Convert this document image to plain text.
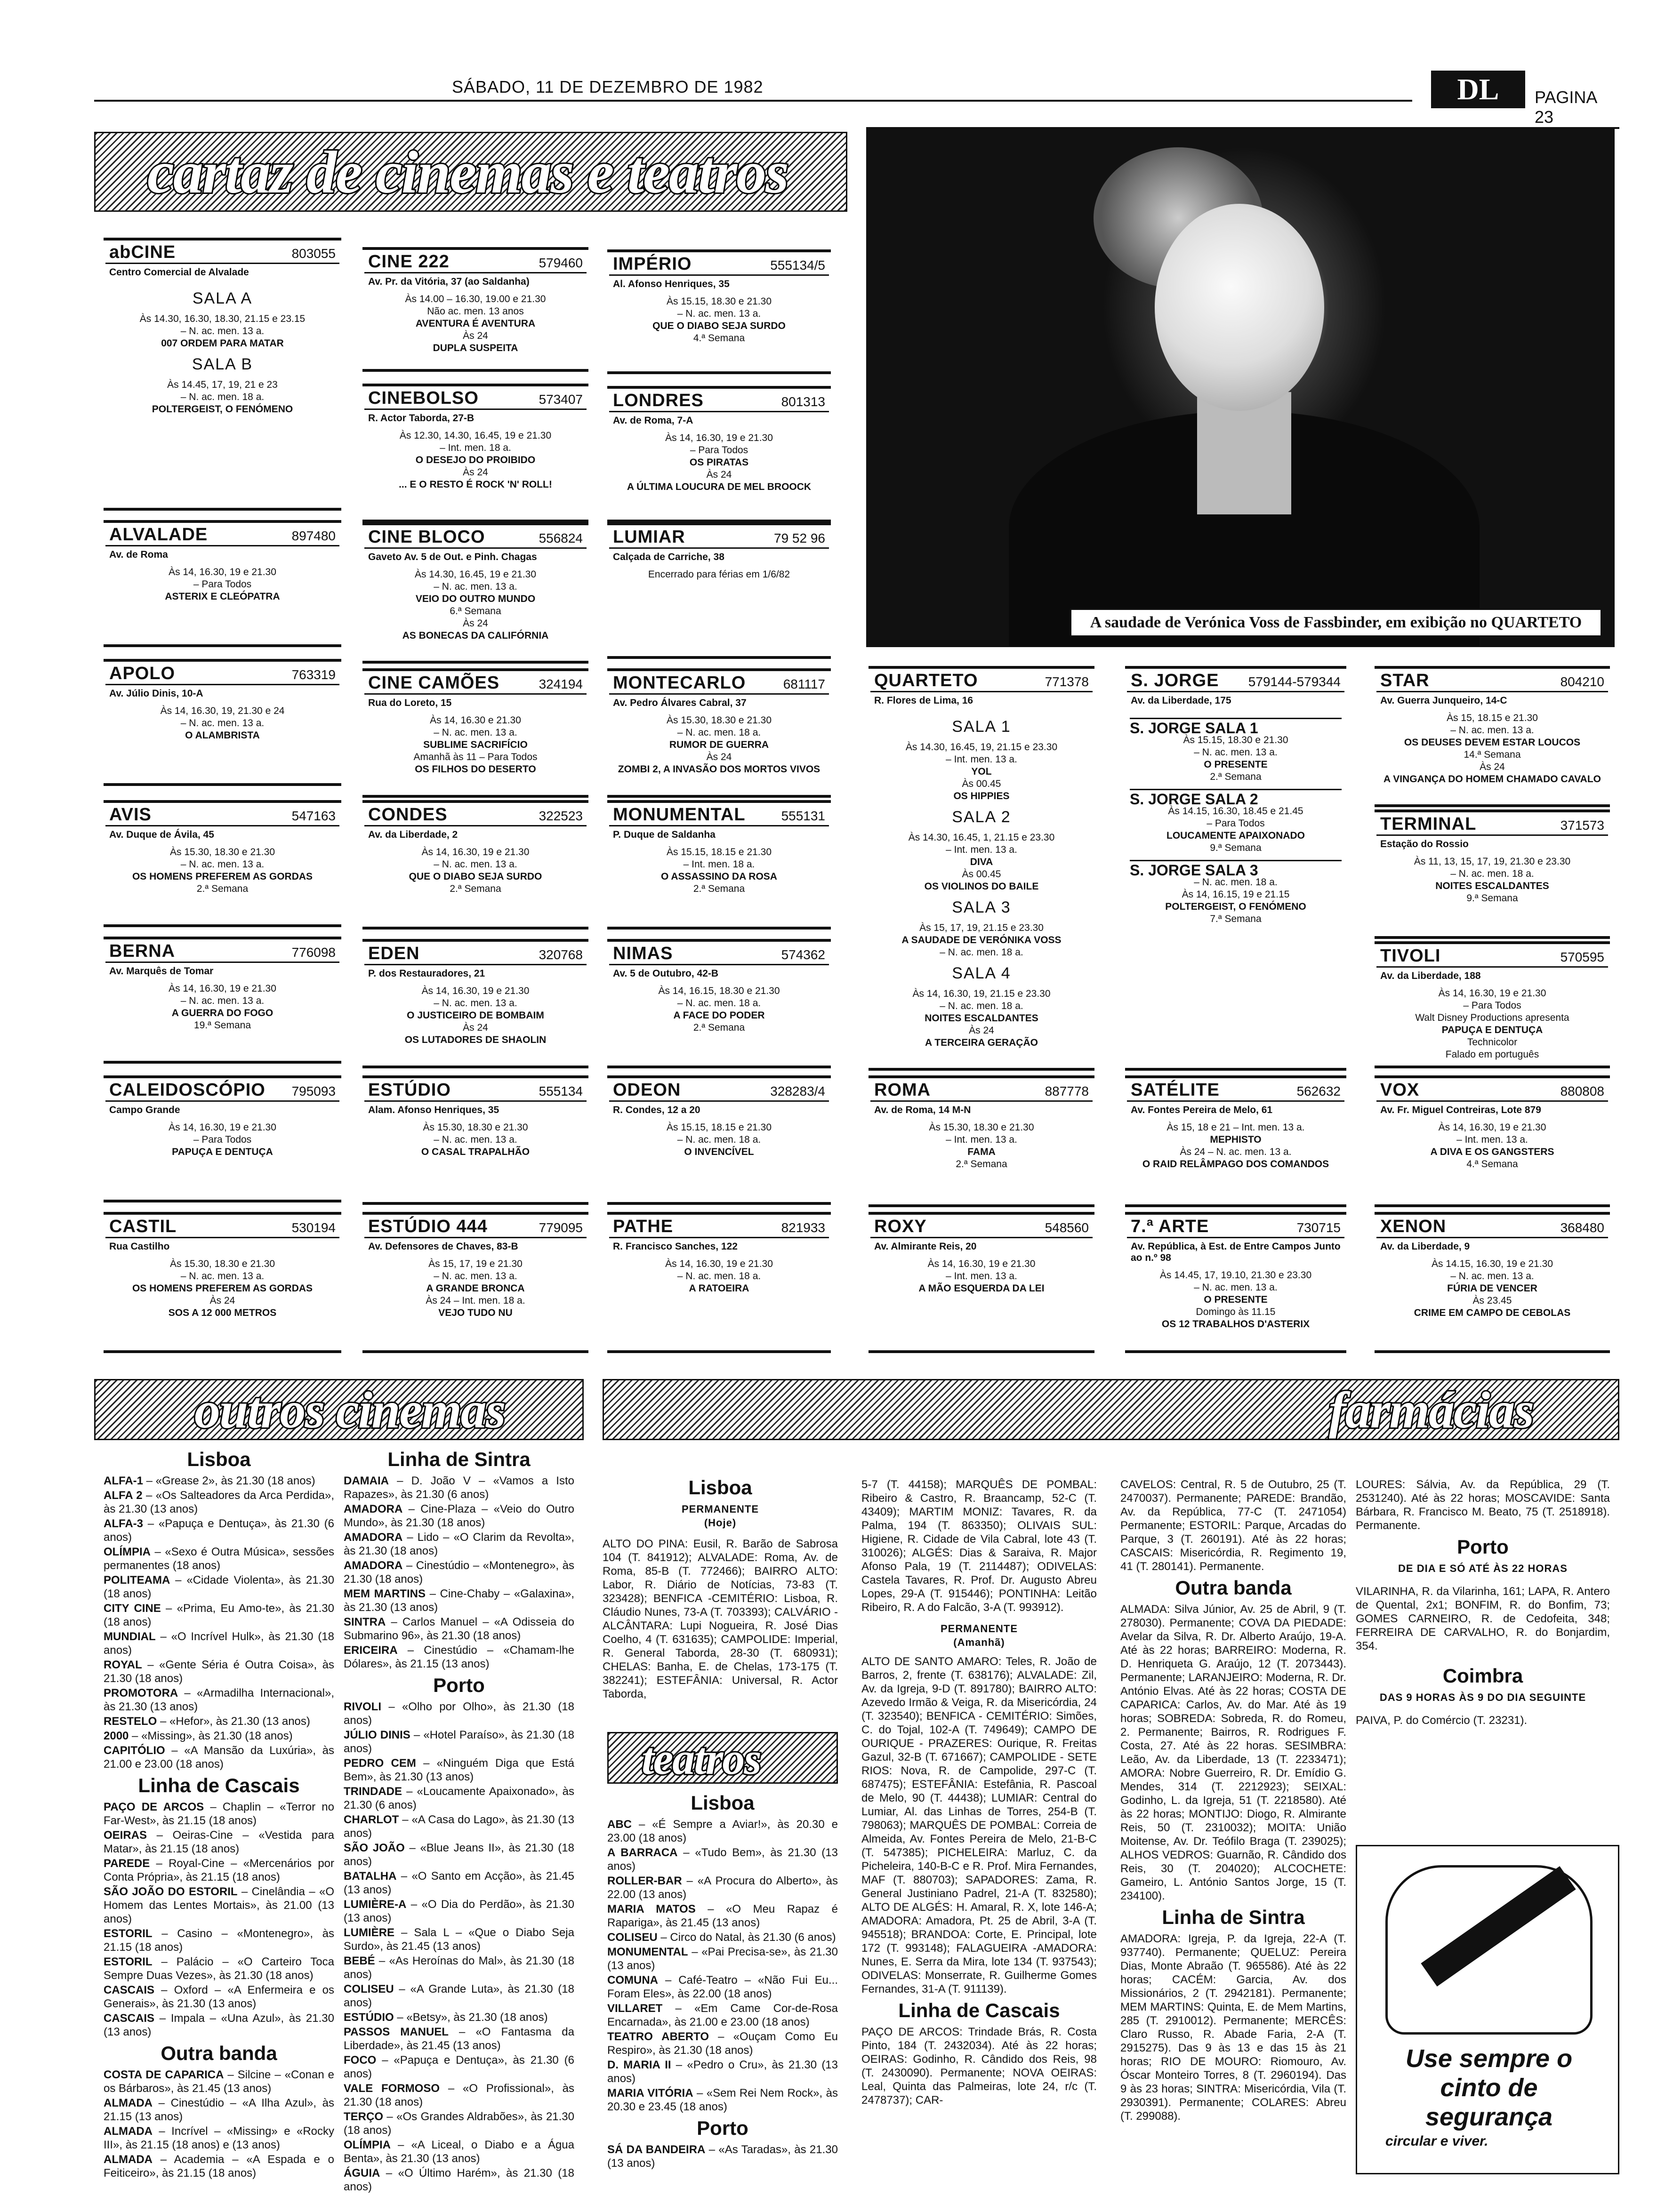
SÁBADO, 11 DE DEZEMBRO DE 1982	DL	PAGINA 23
cartaz de cinemas e teatros
A saudade de Verónica Voss de Fassbinder, em exibição no QUARTETO
abCINE	803055
Centro Comercial de Alvalade
SALA A
Às 14.30, 16.30, 18.30, 21.15 e 23.15
– N. ac. men. 13 a.
007 ORDEM PARA MATAR
SALA B
Às 14.45, 17, 19, 21 e 23
– N. ac. men. 18 a.
POLTERGEIST, O FENÓMENO
ALVALADE	897480
Av. de Roma
Às 14, 16.30, 19 e 21.30
– Para Todos
ASTERIX E CLEÓPATRA
APOLO	763319
Av. Júlio Dinis, 10-A
Às 14, 16.30, 19, 21.30 e 24
– N. ac. men. 13 a.
O ALAMBRISTA
AVIS	547163
Av. Duque de Ávila, 45
Às 15.30, 18.30 e 21.30
– N. ac. men. 13 a.
OS HOMENS PREFEREM AS GORDAS
2.ª Semana
BERNA	776098
Av. Marquês de Tomar
Às 14, 16.30, 19 e 21.30
– N. ac. men. 13 a.
A GUERRA DO FOGO
19.ª Semana
CALEIDOSCÓPIO 795093
Campo Grande
Às 14, 16.30, 19 e 21.30
– Para Todos
PAPUÇA E DENTUÇA
CASTIL	530194
Rua Castilho
Às 15.30, 18.30 e 21.30
– N. ac. men. 13 a.
OS HOMENS PREFEREM AS GORDAS
Às 24
SOS A 12 000 METROS
CINE 222	579460
Av. Pr. da Vitória, 37 (ao Saldanha)
Às 14.00 – 16.30, 19.00 e 21.30
Não ac. men. 13 anos
AVENTURA É AVENTURA
Às 24
DUPLA SUSPEITA
CINEBOLSO	573407
R. Actor Taborda, 27-B
Às 12.30, 14.30, 16.45, 19 e 21.30
– Int. men. 18 a.
O DESEJO DO PROIBIDO
Às 24
... E O RESTO É ROCK 'N' ROLL!
CINE BLOCO	556824
Gaveto Av. 5 de Out. e Pinh. Chagas
Às 14.30, 16.45, 19 e 21.30
– N. ac. men. 13 a.
VEIO DO OUTRO MUNDO
6.ª Semana
Às 24
AS BONECAS DA CALIFÓRNIA
CINE CAMÕES	324194
Rua do Loreto, 15
Às 14, 16.30 e 21.30
– N. ac. men. 13 a.
SUBLIME SACRIFÍCIO
Amanhã às 11 – Para Todos
OS FILHOS DO DESERTO
CONDES	322523
Av. da Liberdade, 2
Às 14, 16.30, 19 e 21.30
– N. ac. men. 13 a.
QUE O DIABO SEJA SURDO
2.ª Semana
EDEN	320768
P. dos Restauradores, 21
Às 14, 16.30, 19 e 21.30
– N. ac. men. 13 a.
O JUSTICEIRO DE BOMBAIM
Às 24
OS LUTADORES DE SHAOLIN
ESTÚDIO	555134
Alam. Afonso Henriques, 35
Às 15.30, 18.30 e 21.30
– N. ac. men. 13 a.
O CASAL TRAPALHÃO
ESTÚDIO 444	779095
Av. Defensores de Chaves, 83-B
Às 15, 17, 19 e 21.30
– N. ac. men. 13 a.
A GRANDE BRONCA
Às 24 – Int. men. 18 a.
VEJO TUDO NU
IMPÉRIO	555134/5
Al. Afonso Henriques, 35
Às 15.15, 18.30 e 21.30
– N. ac. men. 13 a.
QUE O DIABO SEJA SURDO
4.ª Semana
LONDRES	801313
Av. de Roma, 7-A
Às 14, 16.30, 19 e 21.30
– Para Todos
OS PIRATAS
Às 24
A ÚLTIMA LOUCURA DE MEL BROOCK
LUMIAR	79 52 96
Calçada de Carriche, 38
Encerrado para férias em 1/6/82
MONTECARLO	681117
Av. Pedro Álvares Cabral, 37
Às 15.30, 18.30 e 21.30
– N. ac. men. 18 a.
RUMOR DE GUERRA
Às 24
ZOMBI 2, A INVASÃO DOS MORTOS VIVOS
MONUMENTAL	555131
P. Duque de Saldanha
Às 15.15, 18.15 e 21.30
– Int. men. 18 a.
O ASSASSINO DA ROSA
2.ª Semana
NIMAS	574362
Av. 5 de Outubro, 42-B
Às 14, 16.15, 18.30 e 21.30
– N. ac. men. 18 a.
A FACE DO PODER
2.ª Semana
ODEON	328283/4
R. Condes, 12 a 20
Às 15.15, 18.15 e 21.30
– N. ac. men. 18 a.
O INVENCÍVEL
PATHE	821933
R. Francisco Sanches, 122
Às 14, 16.30, 19 e 21.30
– N. ac. men. 18 a.
A RATOEIRA
QUARTETO	771378
R. Flores de Lima, 16
SALA 1
Às 14.30, 16.45, 19, 21.15 e 23.30
– Int. men. 13 a.
YOL
Às 00.45
OS HIPPIES
SALA 2
Às 14.30, 16.45, 1, 21.15 e 23.30
– Int. men. 13 a.
DIVA
Às 00.45
OS VIOLINOS DO BAILE
SALA 3
Às 15, 17, 19, 21.15 e 23.30
A SAUDADE DE VERÓNIKA VOSS
– N. ac. men. 18 a.
SALA 4
Às 14, 16.30, 19, 21.15 e 23.30
– N. ac. men. 18 a.
NOITES ESCALDANTES
Às 24
A TERCEIRA GERAÇÃO
ROMA	887778
Av. de Roma, 14 M-N
Às 15.30, 18.30 e 21.30
– Int. men. 13 a.
FAMA
2.ª Semana
ROXY	548560
Av. Almirante Reis, 20
Às 14, 16.30, 19 e 21.30
– Int. men. 13 a.
A MÃO ESQUERDA DA LEI
S. JORGE 579144-579344
Av. da Liberdade, 175
S. JORGE SALA 1
Às 15.15, 18.30 e 21.30
– N. ac. men. 13 a.
O PRESENTE
2.ª Semana
S. JORGE SALA 2
Às 14.15, 16.30, 18.45 e 21.45
– Para Todos
LOUCAMENTE APAIXONADO
9.ª Semana
S. JORGE SALA 3
– N. ac. men. 18 a.
Às 14, 16.15, 19 e 21.15
POLTERGEIST, O FENÓMENO
7.ª Semana
SATÉLITE	562632
Av. Fontes Pereira de Melo, 61
Às 15, 18 e 21 – Int. men. 13 a.
MEPHISTO
Às 24 – N. ac. men. 13 a.
O RAID RELÂMPAGO DOS COMANDOS
7.ª ARTE	730715
Av. República, à Est. de Entre Campos Junto ao n.º 98
Às 14.45, 17, 19.10, 21.30 e 23.30
– N. ac. men. 13 a.
O PRESENTE
Domingo às 11.15
OS 12 TRABALHOS D'ASTERIX
STAR	804210
Av. Guerra Junqueiro, 14-C
Às 15, 18.15 e 21.30
– N. ac. men. 13 a.
OS DEUSES DEVEM ESTAR LOUCOS
14.ª Semana
Às 24
A VINGANÇA DO HOMEM CHAMADO CAVALO
TERMINAL	371573
Estação do Rossio
Às 11, 13, 15, 17, 19, 21.30 e 23.30
– N. ac. men. 18 a.
NOITES ESCALDANTES
9.ª Semana
TIVOLI	570595
Av. da Liberdade, 188
Às 14, 16.30, 19 e 21.30
– Para Todos
Walt Disney Productions apresenta
PAPUÇA E DENTUÇA
Technicolor
Falado em português
VOX	880808
Av. Fr. Miguel Contreiras, Lote 879
Às 14, 16.30, 19 e 21.30
– Int. men. 13 a.
A DIVA E OS GANGSTERS
4.ª Semana
XENON	368480
Av. da Liberdade, 9
Às 14.15, 16.30, 19 e 21.30
– N. ac. men. 13 a.
FÚRIA DE VENCER
Às 23.45
CRIME EM CAMPO DE CEBOLAS
outros cinemas	farmácias
Lisboa

ALFA-1 – «Grease 2», às 21.30 (18 anos)

ALFA 2 – «Os Salteadores da Arca Perdida», às 21.30 (13 anos)

ALFA-3 – «Papuça e Dentuça», às 21.30 (6 anos)

OLÍMPIA – «Sexo é Outra Música», sessões permanentes (18 anos)

POLITEAMA – «Cidade Violenta», às 21.30 (18 anos)

CITY CINE – «Prima, Eu Amo-te», às 21.30 (18 anos)

MUNDIAL – «O Incrível Hulk», às 21.30 (18 anos)

ROYAL – «Gente Séria é Outra Coisa», às 21.30 (18 anos)

PROMOTORA – «Armadilha Internacional», às 21.30 (13 anos)

RESTELO – «Hefor», às 21.30 (13 anos)

2000 – «Missing», às 21.30 (18 anos)

CAPITÓLIO – «A Mansão da Luxúria», às 21.00 e 23.00 (18 anos)

Linha de Cascais

PAÇO DE ARCOS – Chaplin – «Terror no Far-West», às 21.15 (18 anos)

OEIRAS – Oeiras-Cine – «Vestida para Matar», às 21.15 (18 anos)

PAREDE – Royal-Cine – «Mercenários por Conta Própria», às 21.15 (18 anos)

SÃO JOÃO DO ESTORIL – Cinelândia – «O Homem das Lentes Mortais», às 21.00 (13 anos)

ESTORIL – Casino – «Montenegro», às 21.15 (18 anos)

ESTORIL – Palácio – «O Carteiro Toca Sempre Duas Vezes», às 21.30 (18 anos)

CASCAIS – Oxford – «A Enfermeira e os Generais», às 21.30 (13 anos)

CASCAIS – Impala – «Una Azul», às 21.30 (13 anos)

Outra banda

COSTA DE CAPARICA – Silcine – «Conan e os Bárbaros», às 21.45 (13 anos)

ALMADA – Cinestúdio – «A Ilha Azul», às 21.15 (13 anos)

ALMADA – Incrível – «Missing» e «Rocky III», às 21.15 (18 anos) e (13 anos)

ALMADA – Academia – «A Espada e o Feiticeiro», às 21.15 (18 anos)

Linha de Sintra

DAMAIA – D. João V – «Vamos a Isto Rapazes», às 21.30 (6 anos)

AMADORA – Cine-Plaza – «Veio do Outro Mundo», às 21.30 (18 anos)

AMADORA – Lido – «O Clarim da Revolta», às 21.30 (18 anos)

AMADORA – Cinestúdio – «Montenegro», às 21.30 (18 anos)

MEM MARTINS – Cine-Chaby – «Galaxina», às 21.30 (13 anos)

SINTRA – Carlos Manuel – «A Odisseia do Submarino 96», às 21.30 (18 anos)

ERICEIRA – Cinestúdio – «Chamam-lhe Dólares», às 21.15 (13 anos)

Porto

RIVOLI – «Olho por Olho», às 21.30 (18 anos)

JÚLIO DINIS – «Hotel Paraíso», às 21.30 (18 anos)

PEDRO CEM – «Ninguém Diga que Está Bem», às 21.30 (13 anos)

TRINDADE – «Loucamente Apaixonado», às 21.30 (6 anos)

CHARLOT – «A Casa do Lago», às 21.30 (13 anos)

SÃO JOÃO – «Blue Jeans II», às 21.30 (18 anos)

BATALHA – «O Santo em Acção», às 21.45 (13 anos)

LUMIÈRE-A – «O Dia do Perdão», às 21.30 (13 anos)

LUMIÈRE – Sala L – «Que o Diabo Seja Surdo», às 21.45 (13 anos)

BEBÉ – «As Heroínas do Mal», às 21.30 (18 anos)

COLISEU – «A Grande Luta», às 21.30 (18 anos)

ESTÚDIO – «Betsy», às 21.30 (18 anos)

PASSOS MANUEL – «O Fantasma da Liberdade», às 21.45 (13 anos)

FOCO – «Papuça e Dentuça», às 21.30 (6 anos)

VALE FORMOSO – «O Profissional», às 21.30 (18 anos)

TERÇO – «Os Grandes Aldrabões», às 21.30 (18 anos)

OLÍMPIA – «A Liceal, o Diabo e a Água Benta», às 21.30 (13 anos)

ÁGUIA – «O Último Harém», às 21.30 (18 anos)

Lisboa
PERMANENTE
(Hoje)

ALTO DO PINA: Eusil, R. Barão de Sabrosa 104 (T. 841912); ALVALADE: Roma, Av. de Roma, 85-B (T. 772466); BAIRRO ALTO: Labor, R. Diário de Notícias, 73-83 (T. 323428); BENFICA -CEMITÉRIO: Lisboa, R. Cláudio Nunes, 73-A (T. 703393); CALVÁRIO -ALCÂNTARA: Lupi Nogueira, R. José Dias Coelho, 4 (T. 631635); CAMPOLIDE: Imperial, R. General Taborda, 28-30 (T. 680931); CHELAS: Banha, E. de Chelas, 173-175 (T. 382241); ESTEFÂNIA: Universal, R. Actor Taborda,

teatros
Lisboa

ABC – «É Sempre a Aviar!», às 20.30 e 23.00 (18 anos)

A BARRACA – «Tudo Bem», às 21.30 (13 anos)

ROLLER-BAR – «A Procura do Alberto», às 22.00 (13 anos)

MARIA MATOS – «O Meu Rapaz é Rapariga», às 21.45 (13 anos)

COLISEU – Circo do Natal, às 21.30 (6 anos)

MONUMENTAL – «Pai Precisa-se», às 21.30 (13 anos)

COMUNA – Café-Teatro – «Não Fui Eu... Foram Eles», às 22.00 (18 anos)

VILLARET – «Em Came Cor-de-Rosa Encarnada», às 21.00 e 23.00 (18 anos)

TEATRO ABERTO – «Ouçam Como Eu Respiro», às 21.30 (18 anos)

D. MARIA II – «Pedro o Cru», às 21.30 (13 anos)

MARIA VITÓRIA – «Sem Rei Nem Rock», às 20.30 e 23.45 (18 anos)

Porto

SÁ DA BANDEIRA – «As Taradas», às 21.30 (13 anos)

5-7 (T. 44158); MARQUÊS DE POMBAL: Ribeiro & Castro, R. Braancamp, 52-C (T. 43409); MARTIM MONIZ: Tavares, R. da Palma, 194 (T. 863350); OLIVAIS SUL: Higiene, R. Cidade de Vila Cabral, lote 43 (T. 310026); ALGÉS: Dias & Saraiva, R. Major Afonso Pala, 19 (T. 2114487); ODIVELAS: Castela Tavares, R. Prof. Dr. Augusto Abreu Lopes, 29-A (T. 915446); PONTINHA: Leitão Ribeiro, R. A do Falcão, 3-A (T. 993912).

PERMANENTE
(Amanhã)

ALTO DE SANTO AMARO: Teles, R. João de Barros, 2, frente (T. 638176); ALVALADE: Zil, Av. da Igreja, 9-D (T. 891780); BAIRRO ALTO: Azevedo Irmão & Veiga, R. da Misericórdia, 24 (T. 323540); BENFICA - CEMITÉRIO: Simões, C. do Tojal, 102-A (T. 749649); CAMPO DE OURIQUE - PRAZERES: Ourique, R. Freitas Gazul, 32-B (T. 671667); CAMPOLIDE - SETE RIOS: Nova, R. de Campolide, 297-C (T. 687475); ESTEFÂNIA: Estefânia, R. Pascoal de Melo, 90 (T. 44438); LUMIAR: Central do Lumiar, Al. das Linhas de Torres, 254-B (T. 798063); MARQUÊS DE POMBAL: Correia de Almeida, Av. Fontes Pereira de Melo, 21-B-C (T. 547385); PICHELEIRA: Marluz, C. da Picheleira, 140-B-C e R. Prof. Mira Fernandes, MAF (T. 880703); SAPADORES: Zama, R. General Justiniano Padrel, 21-A (T. 832580); ALTO DE ALGÉS: H. Amaral, R. X, lote 146-A; AMADORA: Amadora, Pt. 25 de Abril, 3-A (T. 945518); BRANDOA: Corte, E. Principal, lote 172 (T. 993148); FALAGUEIRA -AMADORA: Nunes, E. Serra da Mira, lote 134 (T. 937543); ODIVELAS: Monserrate, R. Guilherme Gomes Fernandes, 31-A (T. 911139).

Linha de Cascais

PAÇO DE ARCOS: Trindade Brás, R. Costa Pinto, 184 (T. 2432034). Até às 22 horas; OEIRAS: Godinho, R. Cândido dos Reis, 98 (T. 2430090). Permanente; NOVA OEIRAS: Leal, Quinta das Palmeiras, lote 24, r/c (T. 2478737); CAR-

CAVELOS: Central, R. 5 de Outubro, 25 (T. 2470037). Permanente; PAREDE: Brandão, Av. da República, 77-C (T. 2471054) Permanente; ESTORIL: Parque, Arcadas do Parque, 3 (T. 260191). Até às 22 horas; CASCAIS: Misericórdia, R. Regimento 19, 41 (T. 280141). Permanente.

Outra banda

ALMADA: Silva Júnior, Av. 25 de Abril, 9 (T. 278030). Permanente; COVA DA PIEDADE: Avelar da Silva, R. Dr. Alberto Araújo, 19-A. Até às 22 horas; BARREIRO: Moderna, R. D. Henriqueta G. Araújo, 12 (T. 2073443). Permanente; LARANJEIRO: Moderna, R. Dr. António Elvas. Até às 22 horas; COSTA DE CAPARICA: Carlos, Av. do Mar. Até às 19 horas; SOBREDA: Sobreda, R. do Romeu, 2. Permanente; Bairros, R. Rodrigues F. Costa, 27. Até às 22 horas. SESIMBRA: Leão, Av. da Liberdade, 13 (T. 2233471); AMORA: Nobre Guerreiro, R. Dr. Emídio G. Mendes, 314 (T. 2212923); SEIXAL: Godinho, L. da Igreja, 51 (T. 2218580). Até às 22 horas; MONTIJO: Diogo, R. Almirante Reis, 50 (T. 2310032); MOITA: União Moitense, Av. Dr. Teófilo Braga (T. 239025); ALHOS VEDROS: Guarnão, R. Cândido dos Reis, 30 (T. 204020); ALCOCHETE: Gameiro, L. António Santos Jorge, 15 (T. 234100).

Linha de Sintra

AMADORA: Igreja, P. da Igreja, 22-A (T. 937740). Permanente; QUELUZ: Pereira Dias, Monte Abraão (T. 965586). Até às 22 horas; CACÉM: Garcia, Av. dos Missionários, 2 (T. 2942181). Permanente; MEM MARTINS: Quinta, E. de Mem Martins, 285 (T. 2910012). Permanente; MERCÊS: Claro Russo, R. Abade Faria, 2-A (T. 2915275). Das 9 às 13 e das 15 às 21 horas; RIO DE MOURO: Riomouro, Av. Óscar Monteiro Torres, 8 (T. 2960194). Das 9 às 23 horas; SINTRA: Misericórdia, Vila (T. 2930391). Permanente; COLARES: Abreu (T. 299088).

LOURES: Sálvia, Av. da República, 29 (T. 2531240). Até às 22 horas; MOSCAVIDE: Santa Bárbara, R. Francisco M. Beato, 75 (T. 2518918). Permanente.

Porto
DE DIA E SÓ ATÉ ÀS 22 HORAS

VILARINHA, R. da Vilarinha, 161; LAPA, R. Antero de Quental, 2x1; BONFIM, R. do Bonfim, 73; GOMES CARNEIRO, R. de Cedofeita, 348; FERREIRA DE CARVALHO, R. do Bonjardim, 354.

Coimbra
DAS 9 HORAS ÀS 9 DO DIA SEGUINTE

PAIVA, P. do Comércio (T. 23231).

Use sempre o cinto de segurança
circular e viver.
